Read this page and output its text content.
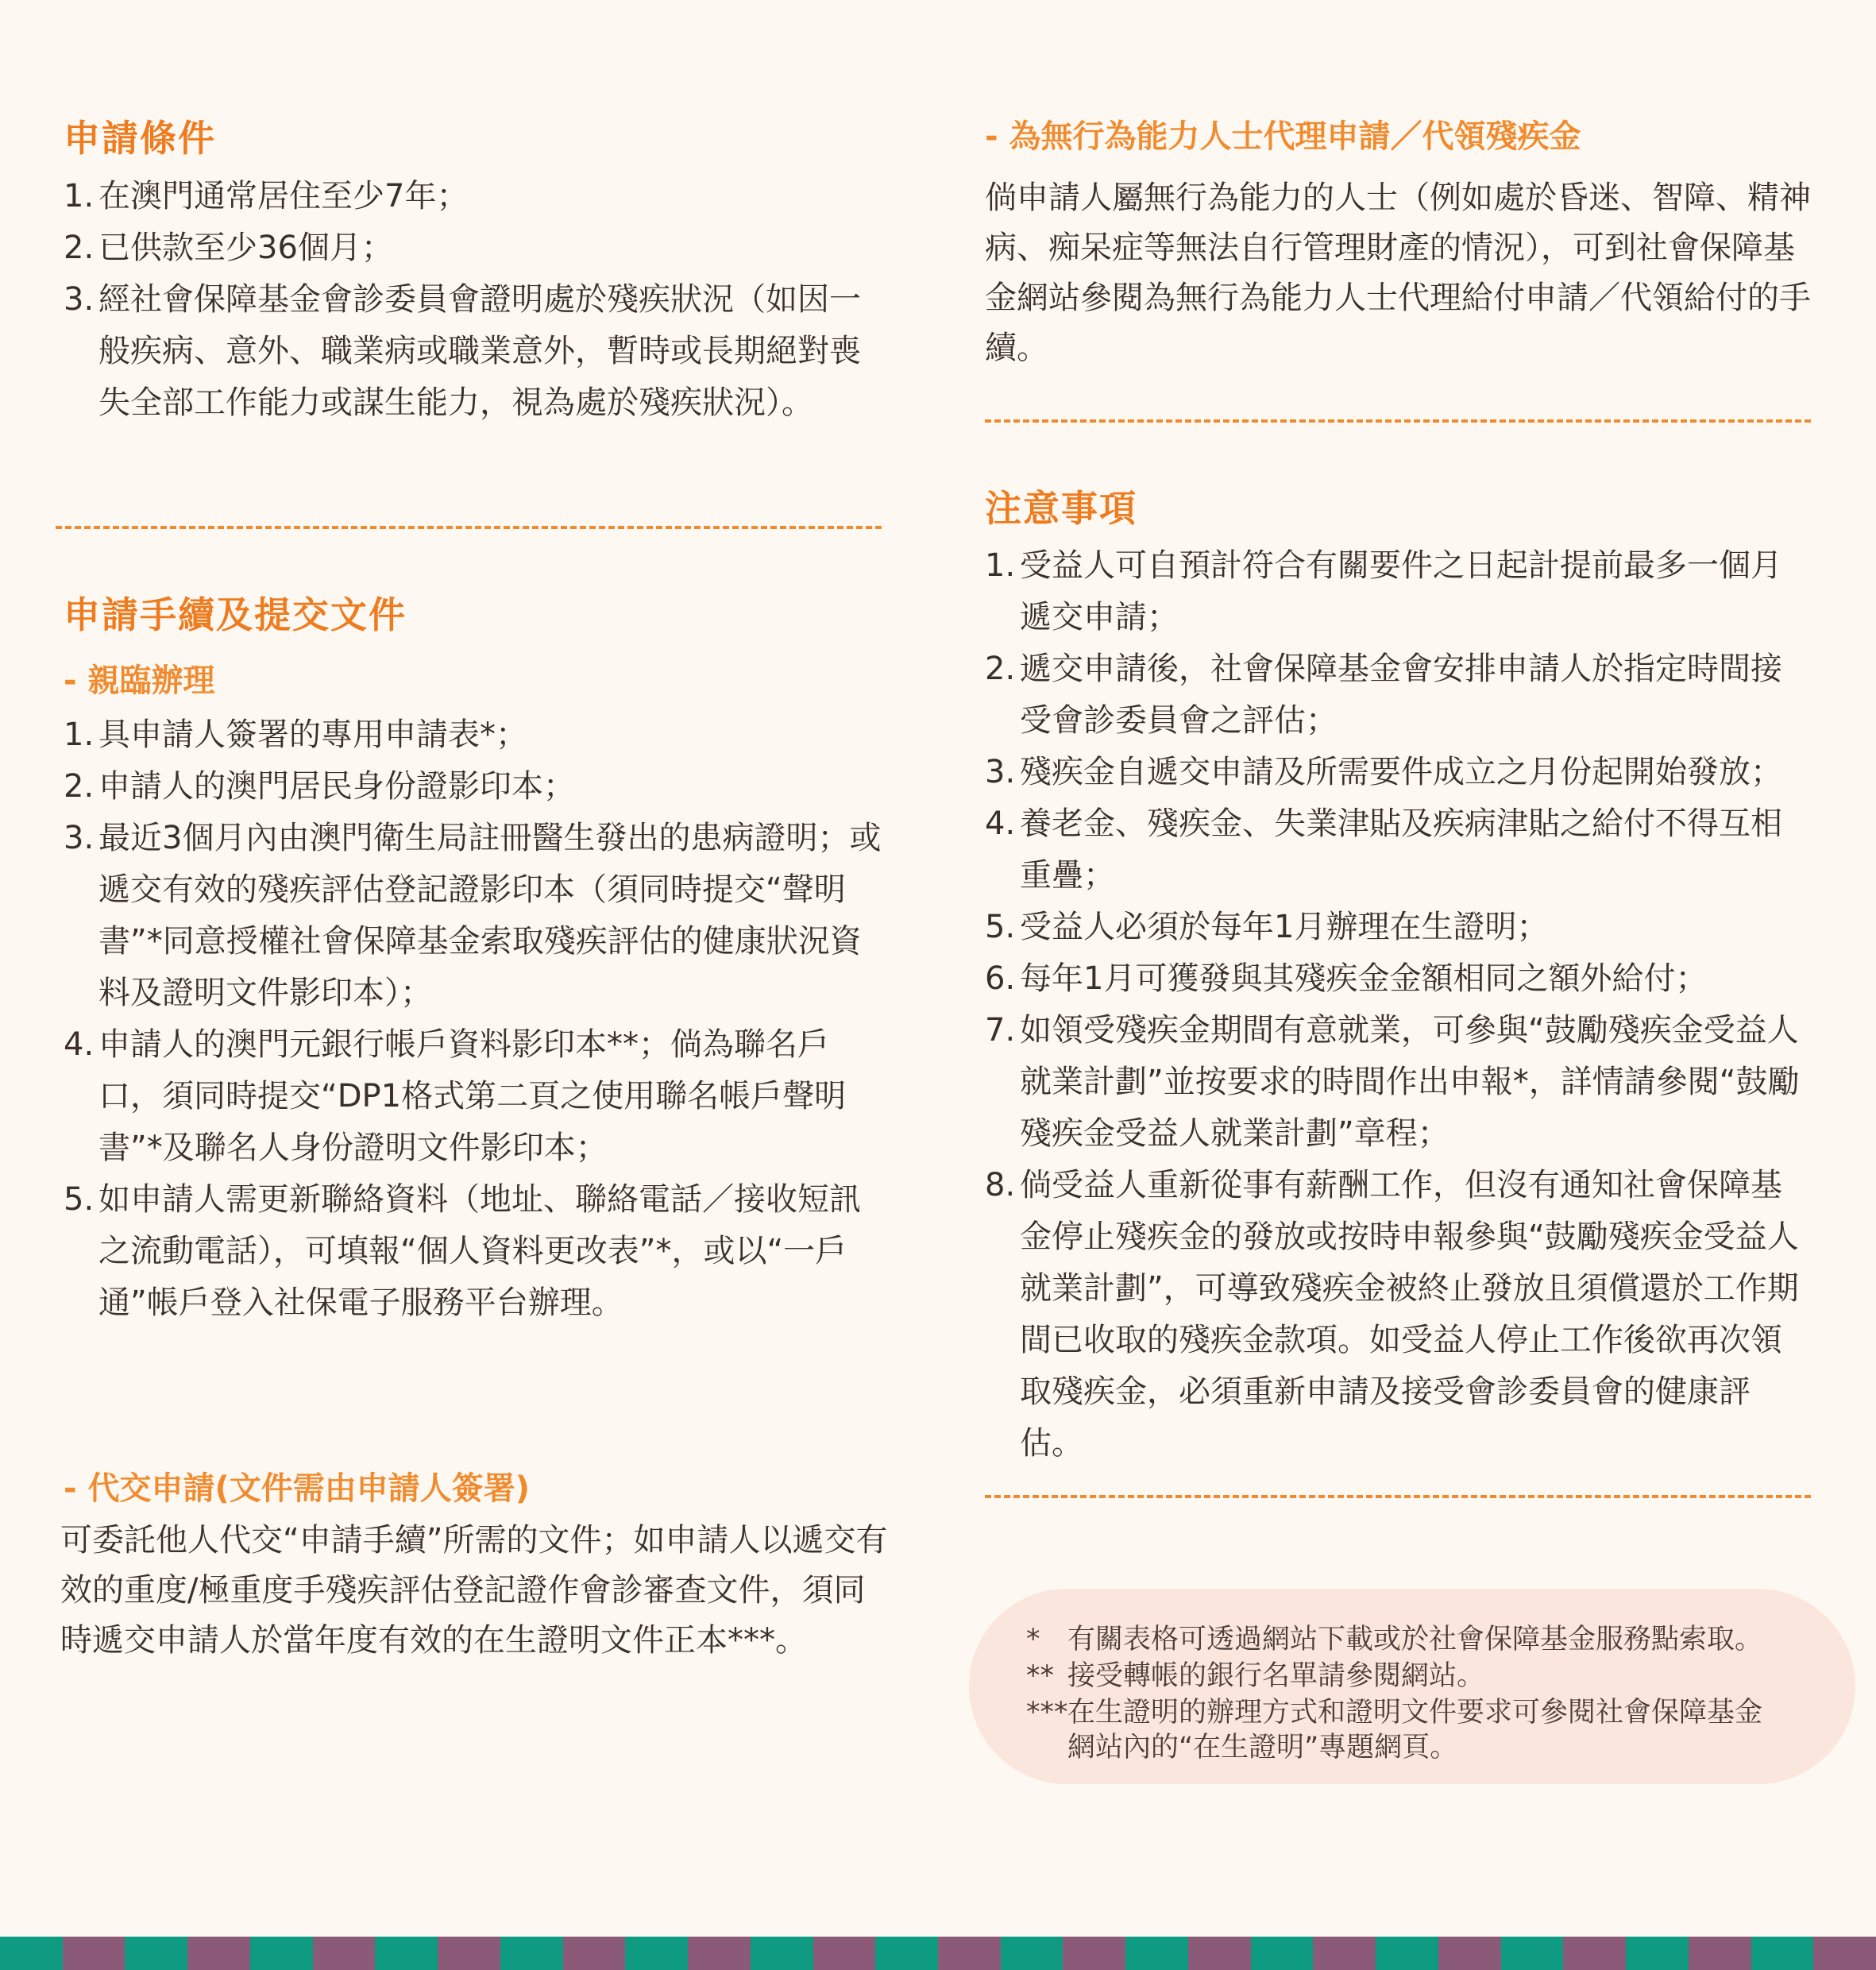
申請條件
1. 在澳門通常居住至少7年；
2. 已供款至少36個月；
3. 經社會保障基金會診委員會證明處於殘疾狀況（如因一般疾病、意外、職業病或職業意外，暫時或長期絕對喪失全部工作能力或謀生能力，視為處於殘疾狀況）。
申請手續及提交文件
- 親臨辦理
1. 具申請人簽署的專用申請表*；
2. 申請人的澳門居民身份證影印本；
3. 最近3個月內由澳門衛生局註冊醫生發出的患病證明；或遞交有效的殘疾評估登記證影印本（須同時提交“聲明書”*同意授權社會保障基金索取殘疾評估的健康狀況資料及證明文件影印本）；
4. 申請人的澳門元銀行帳戶資料影印本**；倘為聯名戶口，須同時提交“DP1格式第二頁之使用聯名帳戶聲明書”*及聯名人身份證明文件影印本；
5. 如申請人需更新聯絡資料（地址、聯絡電話／接收短訊之流動電話），可填報“個人資料更改表”*，或以“一戶通”帳戶登入社保電子服務平台辦理。
- 代交申請(文件需由申請人簽署)

可委託他人代交“申請手續”所需的文件；如申請人以遞交有效的重度/極重度手殘疾評估登記證作會診審查文件，須同時遞交申請人於當年度有效的在生證明文件正本***。

- 為無行為能力人士代理申請／代領殘疾金

倘申請人屬無行為能力的人士（例如處於昏迷、智障、精神病、痴呆症等無法自行管理財產的情況），可到社會保障基金網站參閱為無行為能力人士代理給付申請／代領給付的手續。

注意事項
1. 受益人可自預計符合有關要件之日起計提前最多一個月遞交申請；
2. 遞交申請後，社會保障基金會安排申請人於指定時間接受會診委員會之評估；
3. 殘疾金自遞交申請及所需要件成立之月份起開始發放；
4. 養老金、殘疾金、失業津貼及疾病津貼之給付不得互相重疊；
5. 受益人必須於每年1月辦理在生證明；
6. 每年1月可獲發與其殘疾金金額相同之額外給付；
7. 如領受殘疾金期間有意就業，可參與“鼓勵殘疾金受益人就業計劃”並按要求的時間作出申報*，詳情請參閱“鼓勵殘疾金受益人就業計劃”章程；
8. 倘受益人重新從事有薪酬工作，但沒有通知社會保障基金停止殘疾金的發放或按時申報參與“鼓勵殘疾金受益人就業計劃”，可導致殘疾金被終止發放且須償還於工作期間已收取的殘疾金款項。如受益人停止工作後欲再次領取殘疾金，必須重新申請及接受會診委員會的健康評估。
* 有關表格可透過網站下載或於社會保障基金服務點索取。
** 接受轉帳的銀行名單請參閱網站。
***在生證明的辦理方式和證明文件要求可參閱社會保障基金
網站內的“在生證明”專題網頁。
